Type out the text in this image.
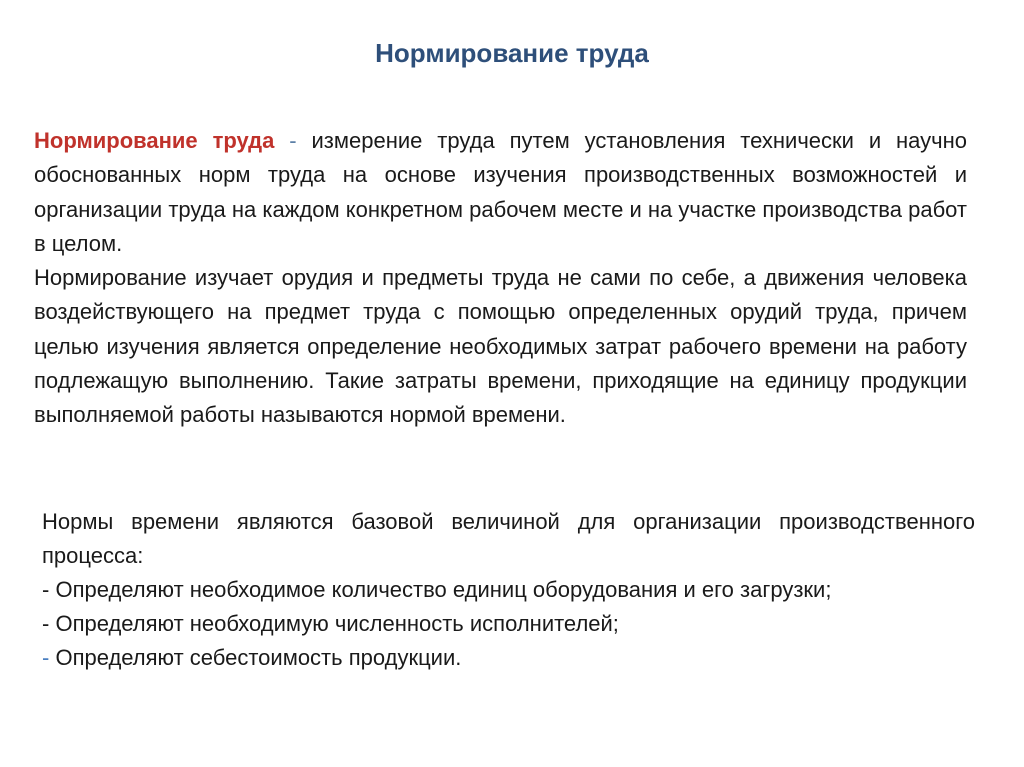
Нормирование труда

Нормирование труда - измерение труда путем установления технически и научно обоснованных норм труда на основе изучения производственных возможностей и организации труда на каждом конкретном рабочем месте и на участке производства работ в целом.

Нормирование изучает орудия и предметы труда не сами по себе, а движения человека воздействующего на предмет труда с помощью определенных орудий труда, причем целью изучения является определение необходимых затрат рабочего времени на работу подлежащую выполнению. Такие затраты времени, приходящие на единицу продукции выполняемой работы называются нормой времени.

Нормы времени являются базовой величиной для организации производственного процесса:

- Определяют необходимое количество единиц оборудования и его загрузки;

- Определяют необходимую численность исполнителей;

- Определяют себестоимость продукции.
